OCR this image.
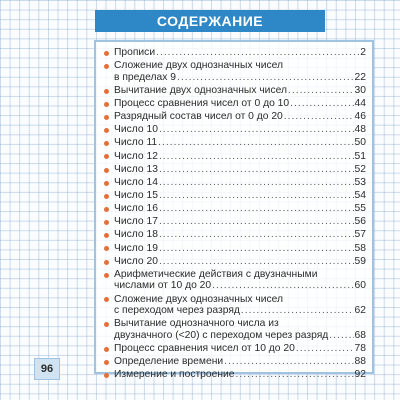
СОДЕРЖАНИЕ
Прописи .....	2
Сложение двух однозначных чисел
в пределах 9 .....	22
Вычитание двух однозначных чисел .....	30
Процесс сравнения чисел от 0 до 10 .....	44
Разрядный состав чисел от 0 до 20 .....	46
Число 10 .....	48
Число 11 .....	50
Число 12 .....	51
Число 13 .....	52
Число 14 .....	53
Число 15 .....	54
Число 16 .....	55
Число 17 .....	56
Число 18 .....	57
Число 19 .....	58
Число 20 .....	59
Арифметические действия с двузначными
числами от 10 до 20 .....	60
Сложение двух однозначных чисел
с переходом через разряд .....	62
Вычитание однозначного числа из
двузначного (<20) с переходом через разряд .....	68
Процесс сравнения чисел от 10 до 20 .....	78
Определение времени .....	88
Измерение и построение .....	92
96
